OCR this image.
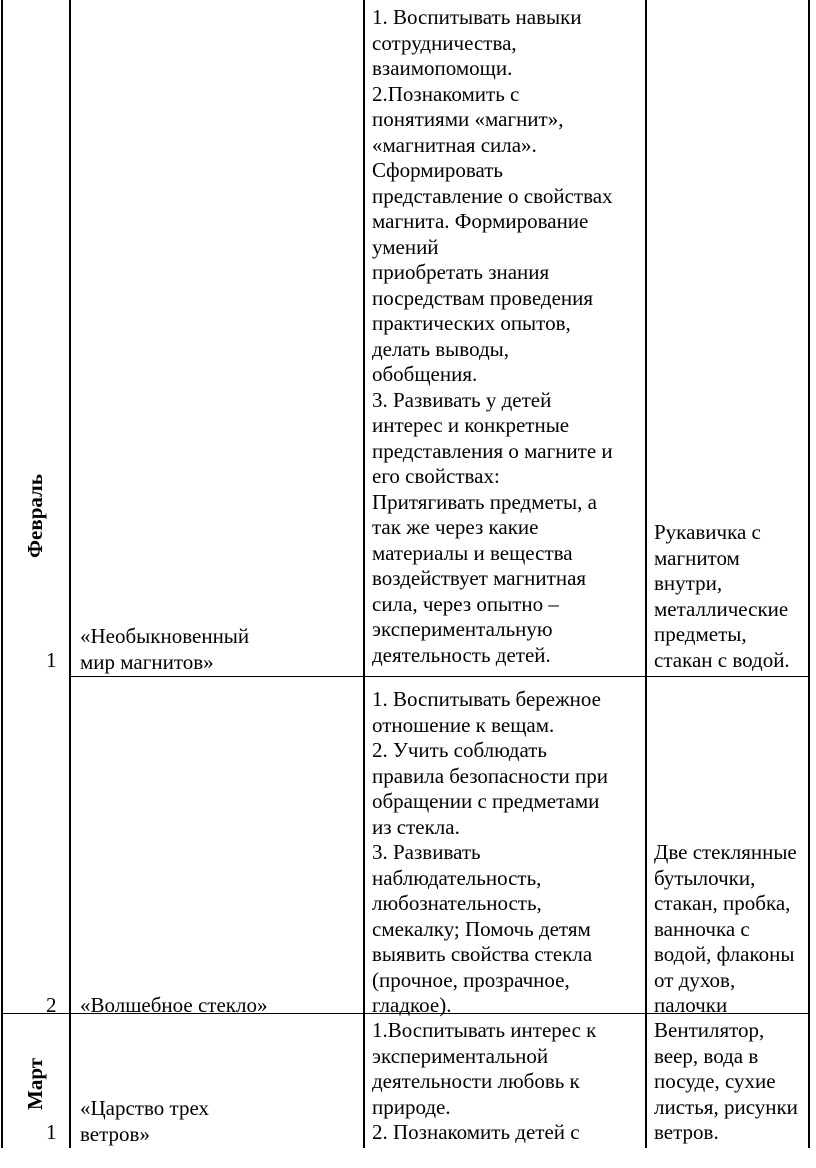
Февраль
Март
1
«Необыкновенный
мир магнитов»
1. Воспитывать навыки
сотрудничества,
взаимопомощи.
2.Познакомить с
понятиями «магнит»,
«магнитная сила».
Сформировать
представление о свойствах
магнита. Формирование
умений
приобретать знания
посредствам проведения
практических опытов,
делать выводы,
обобщения.
3. Развивать у детей
интерес и конкретные
представления о магните и
его свойствах:
Притягивать предметы, а
так же через какие
материалы и вещества
воздействует магнитная
сила, через опытно –
экспериментальную
деятельность детей.
Рукавичка с
магнитом
внутри,
металлические
предметы,
стакан с водой.
2 «Волшебное стекло»
1. Воспитывать бережное
отношение к вещам.
2. Учить соблюдать
правила безопасности при
обращении с предметами
из стекла.
3. Развивать
наблюдательность,
любознательность,
смекалку; Помочь детям
выявить свойства стекла
(прочное, прозрачное,
гладкое).
Две стеклянные
бутылочки,
стакан, пробка,
ванночка с
водой, флаконы
от духов,
палочки
1
«Царство трех
ветров»
1.Воспитывать интерес к
экспериментальной
деятельности любовь к
природе.
2. Познакомить детей с
Вентилятор,
веер, вода в
посуде, сухие
листья, рисунки
ветров.
